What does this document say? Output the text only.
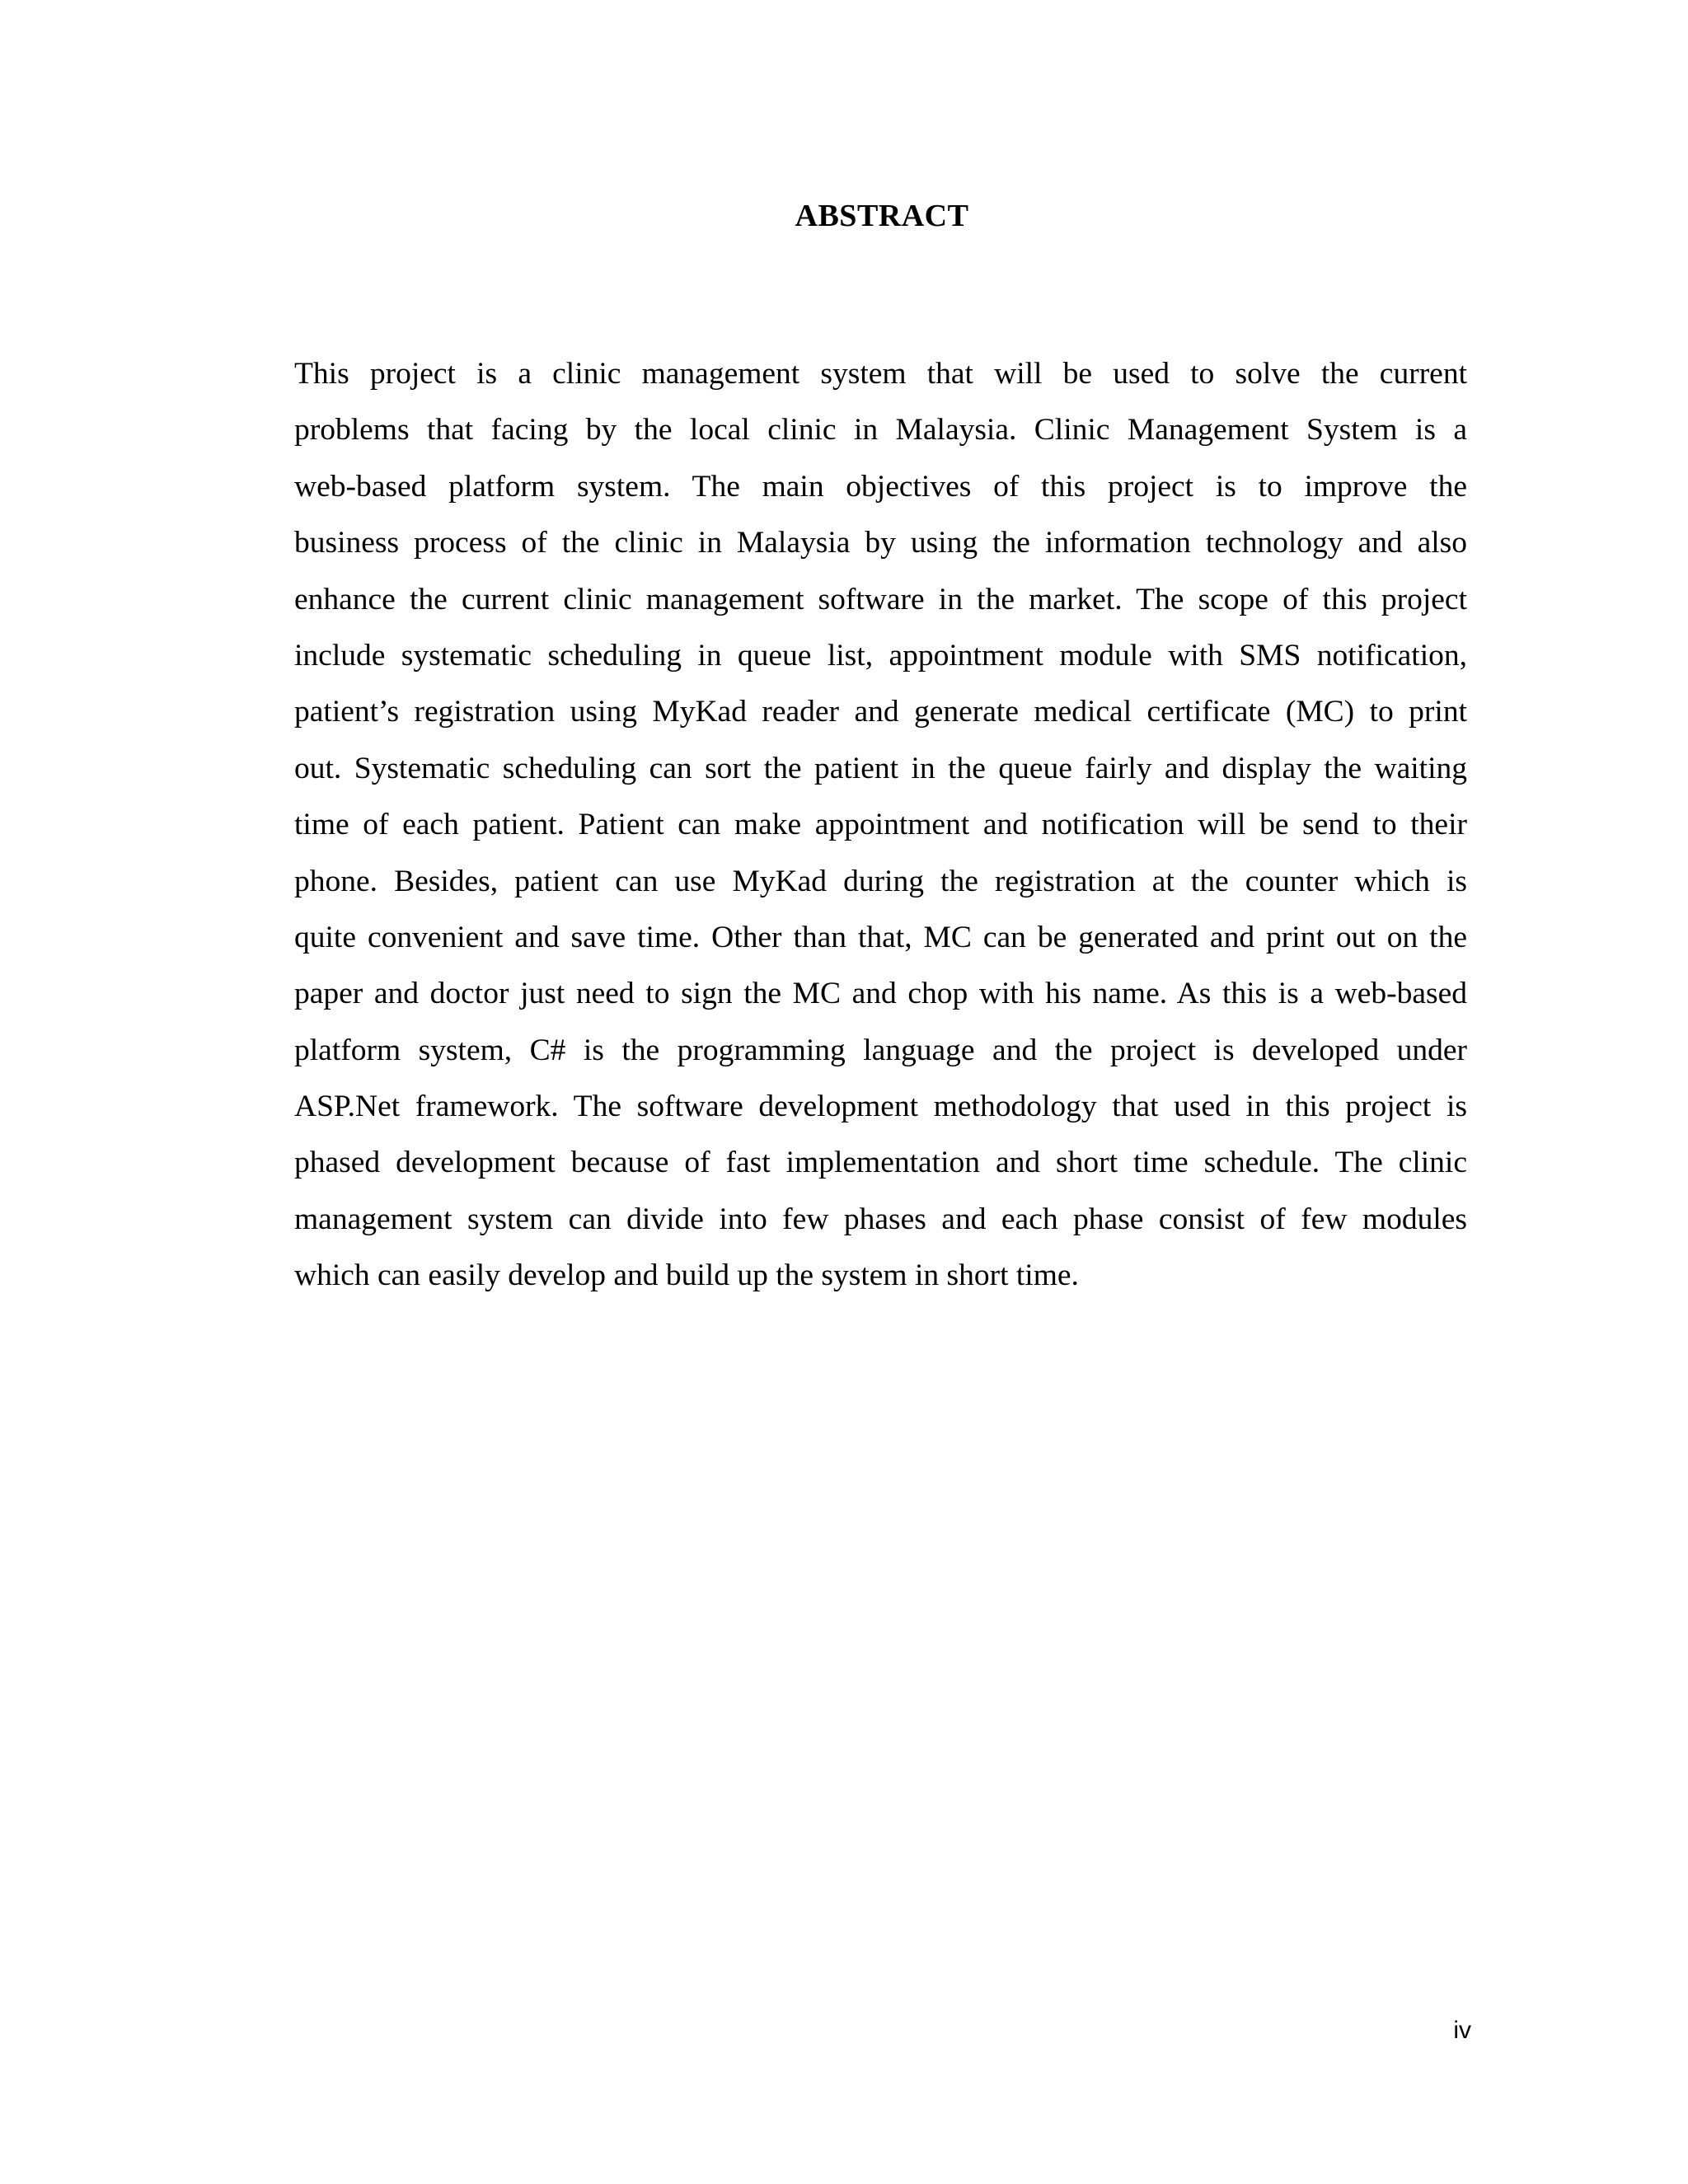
ABSTRACT
This project is a clinic management system that will be used to solve the current
problems that facing by the local clinic in Malaysia. Clinic Management System is a
web-based platform system. The main objectives of this project is to improve the
business process of the clinic in Malaysia by using the information technology and also
enhance the current clinic management software in the market. The scope of this project
include systematic scheduling in queue list, appointment module with SMS notification,
patient’s registration using MyKad reader and generate medical certificate (MC) to print
out. Systematic scheduling can sort the patient in the queue fairly and display the waiting
time of each patient. Patient can make appointment and notification will be send to their
phone. Besides, patient can use MyKad during the registration at the counter which is
quite convenient and save time. Other than that, MC can be generated and print out on the
paper and doctor just need to sign the MC and chop with his name. As this is a web-based
platform system, C# is the programming language and the project is developed under
ASP.Net framework. The software development methodology that used in this project is
phased development because of fast implementation and short time schedule. The clinic
management system can divide into few phases and each phase consist of few modules
which can easily develop and build up the system in short time.
iv
